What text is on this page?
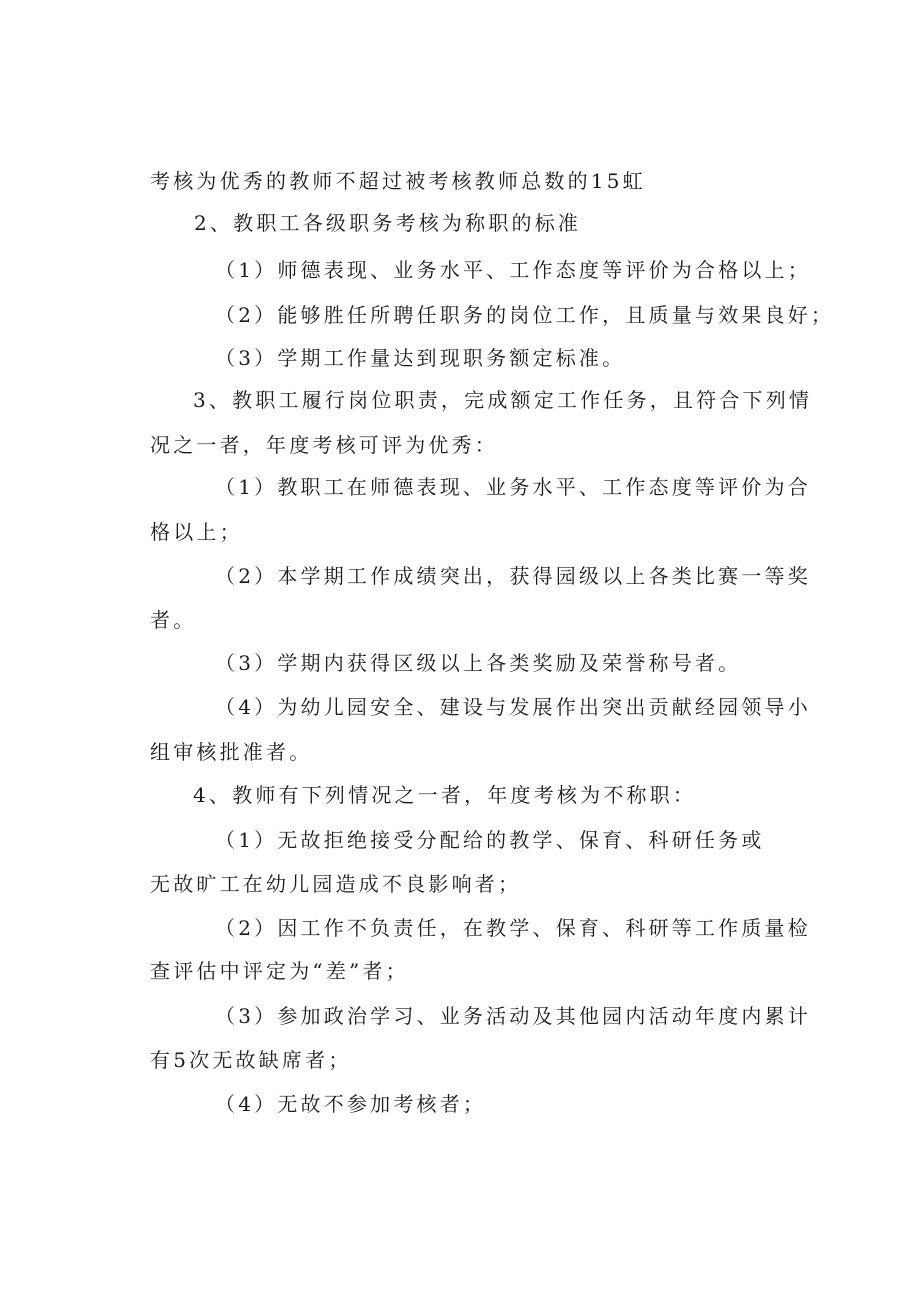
考核为优秀的教师不超过被考核教师总数的15虹
2、教职工各级职务考核为称职的标准
（1）师德表现、业务水平、工作态度等评价为合格以上；
（2）能够胜任所聘任职务的岗位工作，且质量与效果良好；
（3）学期工作量达到现职务额定标准。
3、教职工履行岗位职责，完成额定工作任务，且符合下列情
况之一者，年度考核可评为优秀：
（1）教职工在师德表现、业务水平、工作态度等评价为合
格以上；
（2）本学期工作成绩突出，获得园级以上各类比赛一等奖
者。
（3）学期内获得区级以上各类奖励及荣誉称号者。
（4）为幼儿园安全、建设与发展作出突出贡献经园领导小
组审核批准者。
4、教师有下列情况之一者，年度考核为不称职：
（1）无故拒绝接受分配给的教学、保育、科研任务或
无故旷工在幼儿园造成不良影响者；
（2）因工作不负责任，在教学、保育、科研等工作质量检
查评估中评定为“差”者；
（3）参加政治学习、业务活动及其他园内活动年度内累计
有5次无故缺席者；
（4）无故不参加考核者；
